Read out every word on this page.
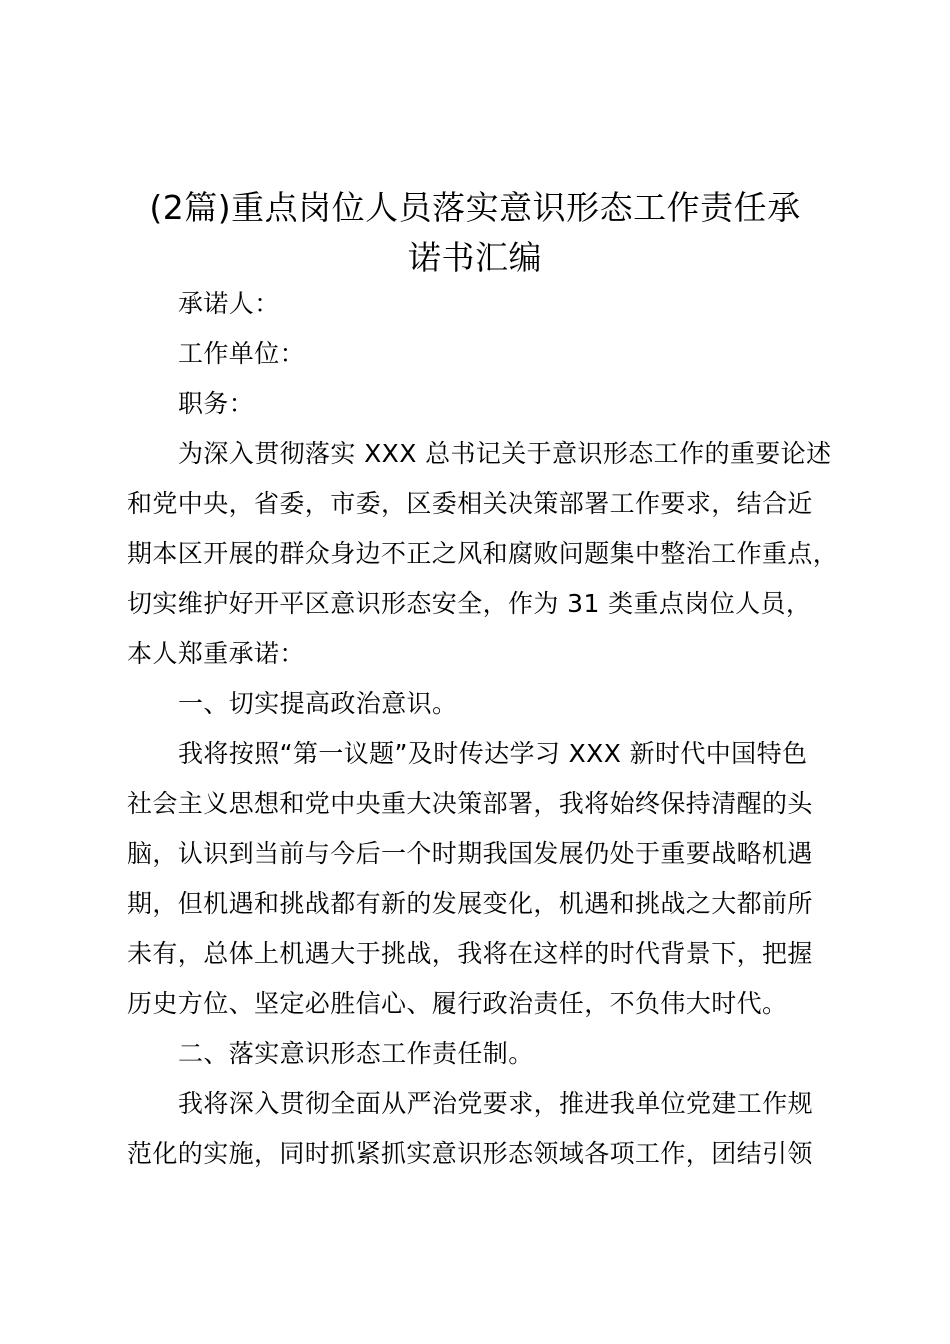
(2篇)重点岗位人员落实意识形态工作责任承
诺书汇编
承诺人：
工作单位：
职务：
为深入贯彻落实 XXX 总书记关于意识形态工作的重要论述
和党中央，省委，市委，区委相关决策部署工作要求，结合近
期本区开展的群众身边不正之风和腐败问题集中整治工作重点，
切实维护好开平区意识形态安全，作为 31 类重点岗位人员，
本人郑重承诺：
一、切实提高政治意识。
我将按照“第一议题”及时传达学习 XXX 新时代中国特色
社会主义思想和党中央重大决策部署，我将始终保持清醒的头
脑，认识到当前与今后一个时期我国发展仍处于重要战略机遇
期，但机遇和挑战都有新的发展变化，机遇和挑战之大都前所
未有，总体上机遇大于挑战，我将在这样的时代背景下，把握
历史方位、坚定必胜信心、履行政治责任，不负伟大时代。
二、落实意识形态工作责任制。
我将深入贯彻全面从严治党要求，推进我单位党建工作规
范化的实施，同时抓紧抓实意识形态领域各项工作，团结引领
